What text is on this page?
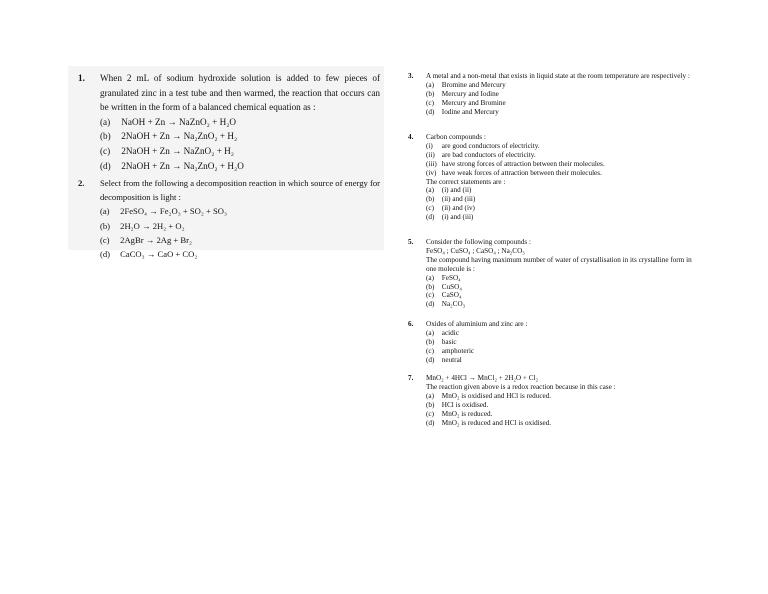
1.	When 2 mL of sodium hydroxide solution is added to few pieces of granulated zinc in a test tube and then warmed, the reaction that occurs can be written in the form of a balanced chemical equation as :
(a) NaOH + Zn → NaZnO₂ + H₂O
(b) 2NaOH + Zn → Na₂ZnO₂ + H₂
(c) 2NaOH + Zn → NaZnO₂ + H₂
(d) 2NaOH + Zn → Na₂ZnO₂ + H₂O
2.	Select from the following a decomposition reaction in which source of energy for decomposition is light :
(a) 2FeSO₄ → Fe₂O₃ + SO₂ + SO₃
(b) 2H₂O → 2H₂ + O₂
(c) 2AgBr → 2Ag + Br₂
(d) CaCO₃ → CaO + CO₂
3.	A metal and a non-metal that exists in liquid state at the room temperature are respectively :
(a) Bromine and Mercury
(b) Mercury and Iodine
(c) Mercury and Bromine
(d) Iodine and Mercury
4.	Carbon compounds :
(i) are good conductors of electricity.
(ii) are bad conductors of electricity.
(iii) have strong forces of attraction between their molecules.
(iv) have weak forces of attraction between their molecules.
The correct statements are :
(a) (i) and (ii)
(b) (ii) and (iii)
(c) (ii) and (iv)
(d) (i) and (iii)
5.	Consider the following compounds :
FeSO₄ ; CuSO₄ ; CaSO₄ ; Na₂CO₃
The compound having maximum number of water of crystallisation in its crystalline form in one molecule is :
(a) FeSO₄
(b) CuSO₄
(c) CaSO₄
(d) Na₂CO₃
6.	Oxides of aluminium and zinc are :
(a) acidic
(b) basic
(c) amphoteric
(d) neutral
7.	MnO₂ + 4HCl → MnCl₂ + 2H₂O + Cl₂
The reaction given above is a redox reaction because in this case :
(a) MnO₂ is oxidised and HCl is reduced.
(b) HCl is oxidised.
(c) MnO₂ is reduced.
(d) MnO₂ is reduced and HCl is oxidised.
